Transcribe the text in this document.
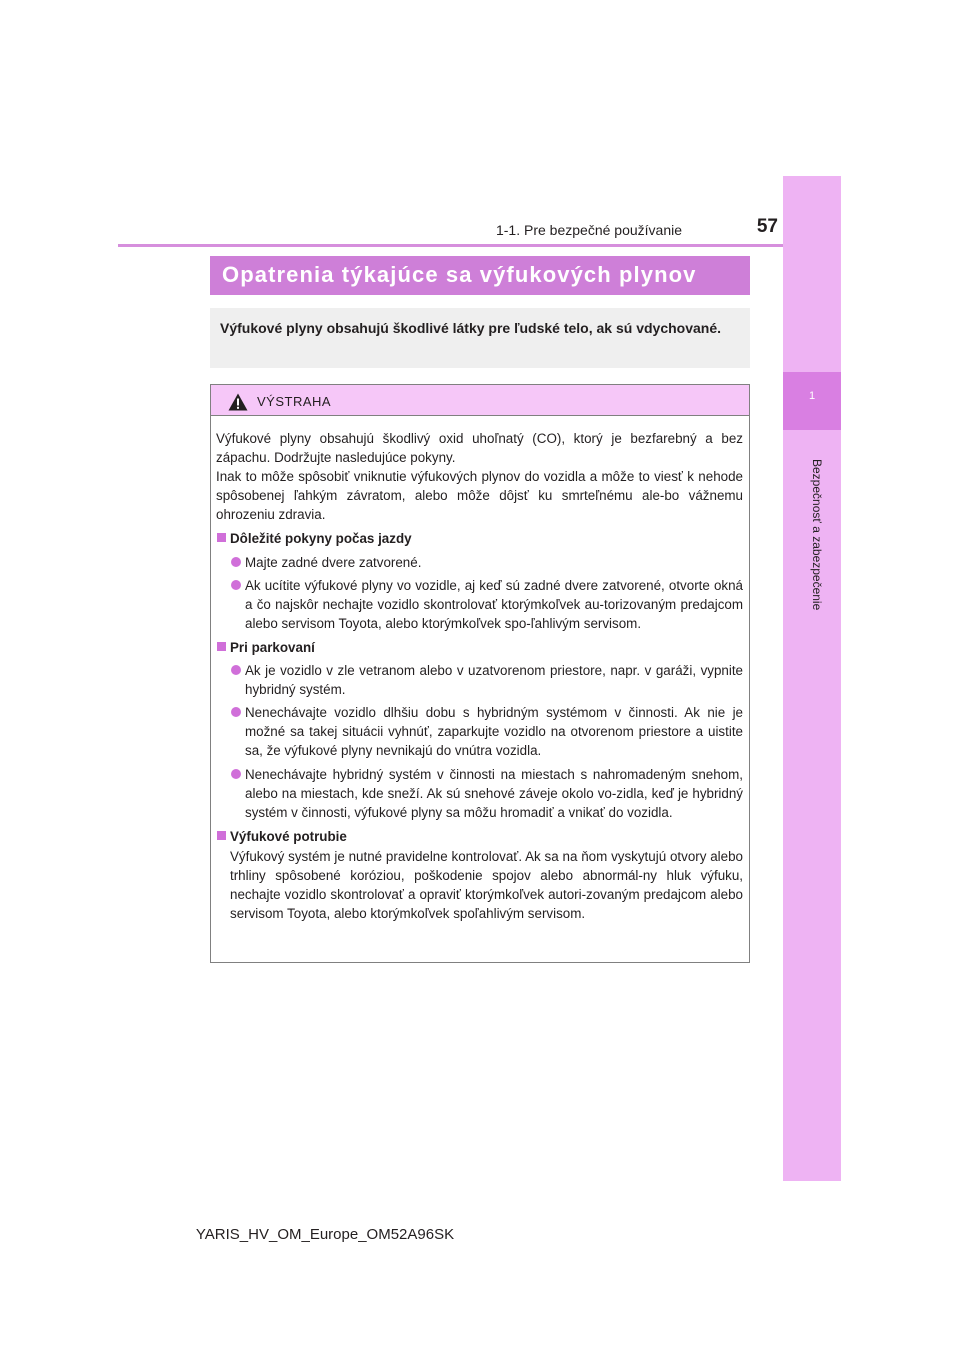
1
Bezpečnosť a zabezpečenie
1-1. Pre bezpečné používanie	57
Opatrenia týkajúce sa výfukových plynov
Výfukové plyny obsahujú škodlivé látky pre ľudské telo, ak sú vdychované.
VÝSTRAHA

Výfukové plyny obsahujú škodlivý oxid uhoľnatý (CO), ktorý je bezfarebný a bez zápachu. Dodržujte nasledujúce pokyny.

Inak to môže spôsobiť vniknutie výfukových plynov do vozidla a môže to viesť k nehode spôsobenej ľahkým závratom, alebo môže dôjsť ku smrteľnému ale-bo vážnemu ohrozeniu zdravia.

Dôležité pokyny počas jazdy

Majte zadné dvere zatvorené.

Ak ucítite výfukové plyny vo vozidle, aj keď sú zadné dvere zatvorené, otvorte okná a čo najskôr nechajte vozidlo skontrolovať ktorýmkoľvek au-torizovaným predajcom alebo servisom Toyota, alebo ktorýmkoľvek spo-ľahlivým servisom.

Pri parkovaní

Ak je vozidlo v zle vetranom alebo v uzatvorenom priestore, napr. v garáži, vypnite hybridný systém.

Nenechávajte vozidlo dlhšiu dobu s hybridným systémom v činnosti. Ak nie je možné sa takej situácii vyhnúť, zaparkujte vozidlo na otvorenom priestore a uistite sa, že výfukové plyny nevnikajú do vnútra vozidla.

Nenechávajte hybridný systém v činnosti na miestach s nahromadeným snehom, alebo na miestach, kde sneží. Ak sú snehové záveje okolo vo-zidla, keď je hybridný systém v činnosti, výfukové plyny sa môžu hromadiť a vnikať do vozidla.

Výfukové potrubie

Výfukový systém je nutné pravidelne kontrolovať. Ak sa na ňom vyskytujú otvory alebo trhliny spôsobené koróziou, poškodenie spojov alebo abnormál-ny hluk výfuku, nechajte vozidlo skontrolovať a opraviť ktorýmkoľvek autori-zovaným predajcom alebo servisom Toyota, alebo ktorýmkoľvek spoľahlivým servisom.

YARIS_HV_OM_Europe_OM52A96SK
